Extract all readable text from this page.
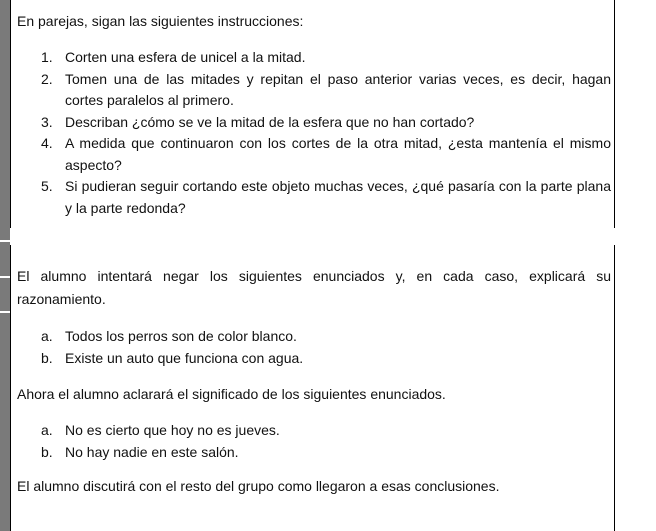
En parejas, sigan las siguientes instrucciones:

1. Corten una esfera de unicel a la mitad.
2. Tomen una de las mitades y repitan el paso anterior varias veces, es decir, hagan cortes paralelos al primero.
3. Describan ¿cómo se ve la mitad de la esfera que no han cortado?
4. A medida que continuaron con los cortes de la otra mitad, ¿esta mantenía el mismo aspecto?
5. Si pudieran seguir cortando este objeto muchas veces, ¿qué pasaría con la parte plana y la parte redonda?

El alumno intentará negar los siguientes enunciados y, en cada caso, explicará su razonamiento.

a. Todos los perros son de color blanco.
b. Existe un auto que funciona con agua.

Ahora el alumno aclarará el significado de los siguientes enunciados.

a. No es cierto que hoy no es jueves.
b. No hay nadie en este salón.

El alumno discutirá con el resto del grupo como llegaron a esas conclusiones.
